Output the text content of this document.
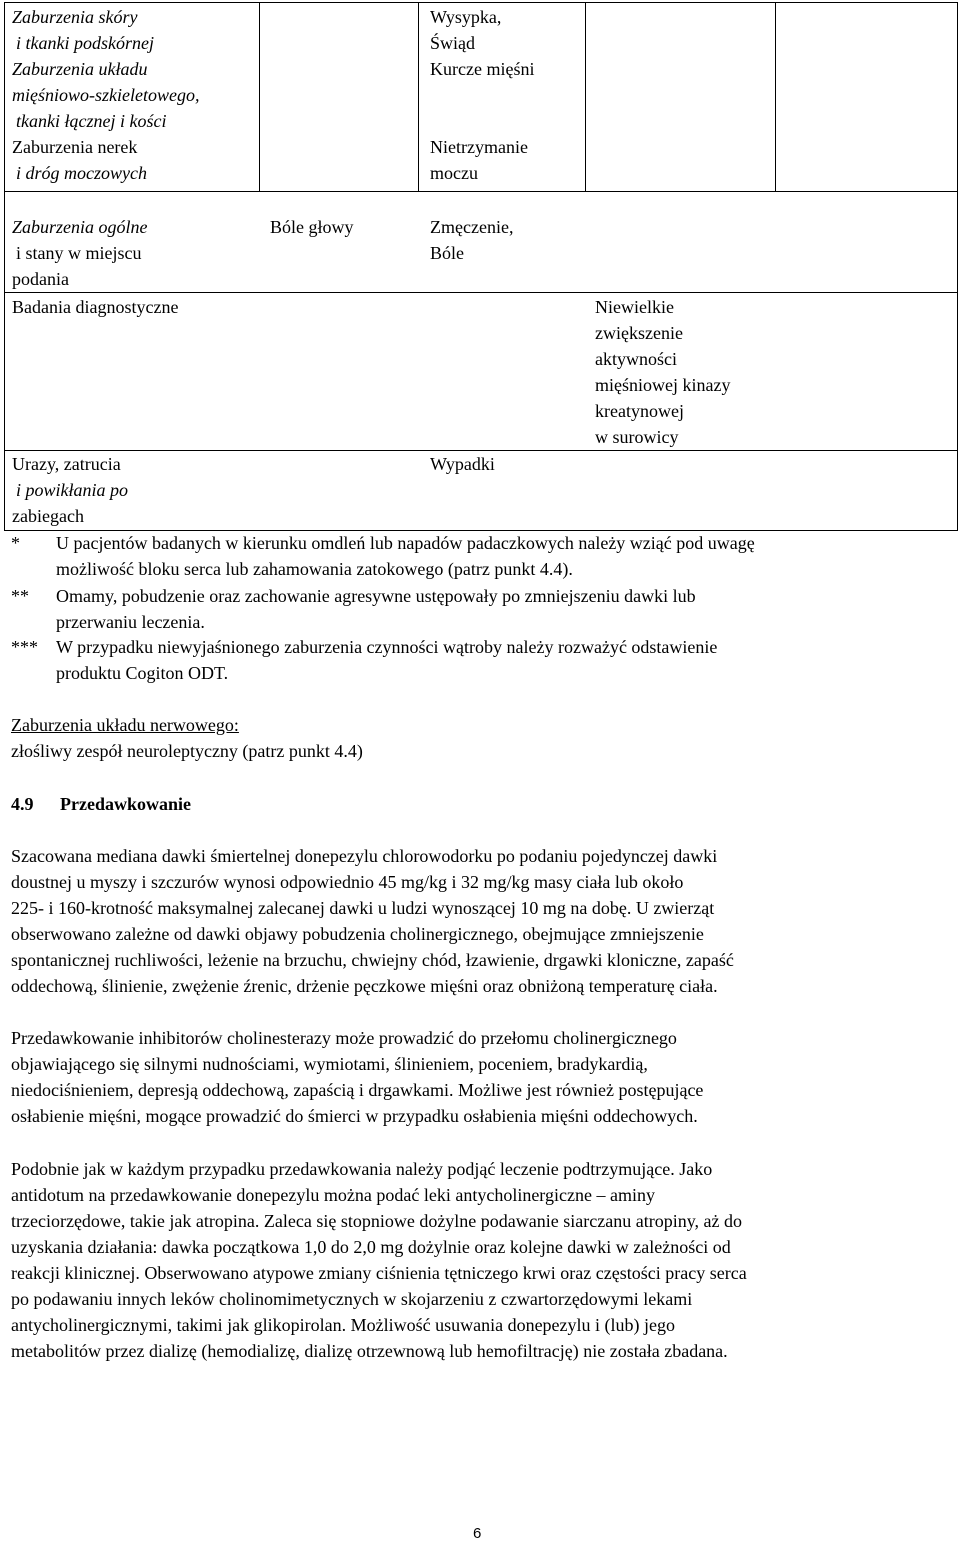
Zaburzenia skóry
i tkanki podskórnej
Wysypka,
Świąd
Zaburzenia układu
mięśniowo-szkieletowego,
tkanki łącznej i kości
Kurcze mięśni
Zaburzenia nerek
i dróg moczowych
Nietrzymanie
moczu
Zaburzenia ogólne
i stany w miejscu
podania
Bóle głowy	Zmęczenie,
Bóle
Badania diagnostyczne	Niewielkie
zwiększenie
aktywności
mięśniowej kinazy
kreatynowej
w surowicy
Urazy, zatrucia
i powikłania po
zabiegach
Wypadki
* U pacjentów badanych w kierunku omdleń lub napadów padaczkowych należy wziąć pod uwagę
możliwość bloku serca lub zahamowania zatokowego (patrz punkt 4.4).
** Omamy, pobudzenie oraz zachowanie agresywne ustępowały po zmniejszeniu dawki lub
przerwaniu leczenia.
*** W przypadku niewyjaśnionego zaburzenia czynności wątroby należy rozważyć odstawienie
produktu Cogiton ODT.
Zaburzenia układu nerwowego:
złośliwy zespół neuroleptyczny (patrz punkt 4.4)
4.9 Przedawkowanie
Szacowana mediana dawki śmiertelnej donepezylu chlorowodorku po podaniu pojedynczej dawki
doustnej u myszy i szczurów wynosi odpowiednio 45 mg/kg i 32 mg/kg masy ciała lub około
225- i 160-krotność maksymalnej zalecanej dawki u ludzi wynoszącej 10 mg na dobę. U zwierząt
obserwowano zależne od dawki objawy pobudzenia cholinergicznego, obejmujące zmniejszenie
spontanicznej ruchliwości, leżenie na brzuchu, chwiejny chód, łzawienie, drgawki kloniczne, zapaść
oddechową, ślinienie, zwężenie źrenic, drżenie pęczkowe mięśni oraz obniżoną temperaturę ciała.
Przedawkowanie inhibitorów cholinesterazy może prowadzić do przełomu cholinergicznego
objawiającego się silnymi nudnościami, wymiotami, ślinieniem, poceniem, bradykardią,
niedociśnieniem, depresją oddechową, zapaścią i drgawkami. Możliwe jest również postępujące
osłabienie mięśni, mogące prowadzić do śmierci w przypadku osłabienia mięśni oddechowych.
Podobnie jak w każdym przypadku przedawkowania należy podjąć leczenie podtrzymujące. Jako
antidotum na przedawkowanie donepezylu można podać leki antycholinergiczne – aminy
trzeciorzędowe, takie jak atropina. Zaleca się stopniowe dożylne podawanie siarczanu atropiny, aż do
uzyskania działania: dawka początkowa 1,0 do 2,0 mg dożylnie oraz kolejne dawki w zależności od
reakcji klinicznej. Obserwowano atypowe zmiany ciśnienia tętniczego krwi oraz częstości pracy serca
po podawaniu innych leków cholinomimetycznych w skojarzeniu z czwartorzędowymi lekami
antycholinergicznymi, takimi jak glikopirolan. Możliwość usuwania donepezylu i (lub) jego
metabolitów przez dializę (hemodializę, dializę otrzewnową lub hemofiltrację) nie została zbadana.
6
